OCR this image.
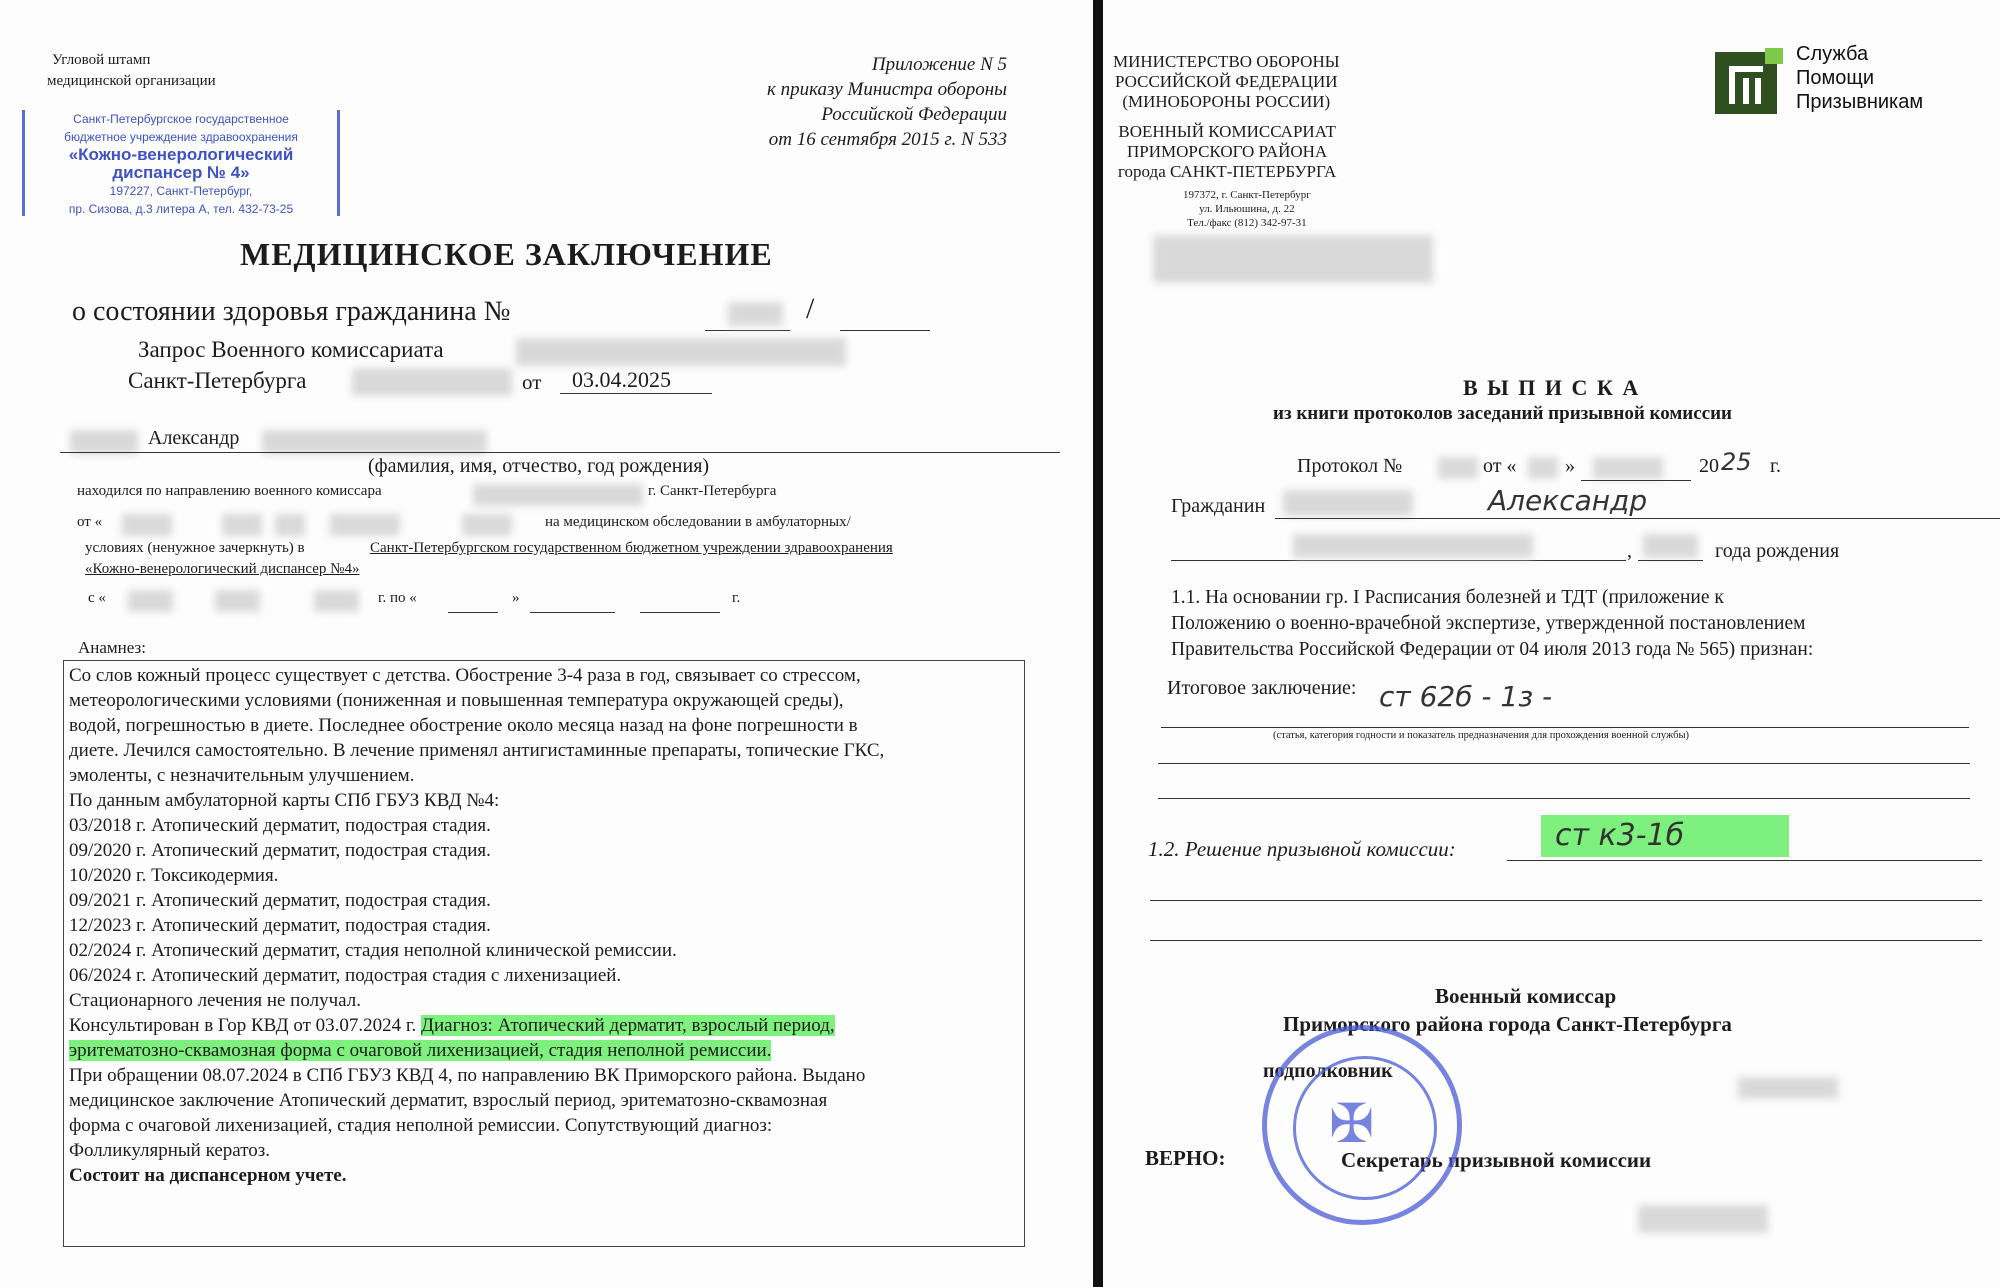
Угловой штамп
медицинской организации
Приложение N 5
к приказу Министра обороны
Российской Федерации
от 16 сентября 2015 г. N 533
Санкт-Петербургское государственное
бюджетное учреждение здравоохранения
«Кожно-венерологический
диспансер № 4»
197227, Санкт-Петербург,
пр. Сизова, д.3 литера А, тел. 432-73-25
МЕДИЦИНСКОЕ ЗАКЛЮЧЕНИЕ
о состоянии здоровья гражданина №	/
Запрос Военного комиссариата
Санкт-Петербурга	от 03.04.2025
Александр
(фамилия, имя, отчество, год рождения)
находился по направлению военного комиссара	г. Санкт-Петербурга
от «	на медицинском обследовании в амбулаторных/
условиях (ненужное зачеркнуть) в	Санкт-Петербургском государственном бюджетном учреждении здравоохранения
«Кожно-венерологический диспансер №4»
с «	г. по «	»	г.
Анамнез:

Со слов кожный процесс существует с детства. Обострение 3-4 раза в год, связывает со стрессом,

метеорологическими условиями (пониженная и повышенная температура окружающей среды),

водой, погрешностью в диете. Последнее обострение около месяца назад на фоне погрешности в

диете. Лечился самостоятельно. В лечение применял антигистаминные препараты, топические ГКС,

эмоленты, с незначительным улучшением.

По данным амбулаторной карты СПб ГБУЗ КВД №4:

03/2018 г. Атопический дерматит, подострая стадия.

09/2020 г. Атопический дерматит, подострая стадия.

10/2020 г. Токсикодермия.

09/2021 г. Атопический дерматит, подострая стадия.

12/2023 г. Атопический дерматит, подострая стадия.

02/2024 г. Атопический дерматит, стадия неполной клинической ремиссии.

06/2024 г. Атопический дерматит, подострая стадия с лихенизацией.

Стационарного лечения не получал.

Консультирован в Гор КВД от 03.07.2024 г. Диагноз: Атопический дерматит, взрослый период,

эритематозно-сквамозная форма с очаговой лихенизацией, стадия неполной ремиссии.

При обращении 08.07.2024 в СПб ГБУЗ КВД 4, по направлению ВК Приморского района. Выдано

медицинское заключение Атопический дерматит, взрослый период, эритематозно-сквамозная

форма с очаговой лихенизацией, стадия неполной ремиссии. Сопутствующий диагноз:

Фолликулярный кератоз.

Состоит на диспансерном учете.

МИНИСТЕРСТВО ОБОРОНЫ
РОССИЙСКОЙ ФЕДЕРАЦИИ
(МИНОБОРОНЫ РОССИИ)
ВОЕННЫЙ КОМИССАРИАТ
ПРИМОРСКОГО РАЙОНА
города САНКТ-ПЕТЕРБУРГА
197372, г. Санкт-Петербург
ул. Ильюшина, д. 22
Тел./факс (812) 342-97-31
Служба
Помощи
Призывникам
В Ы П И С К А
из книги протоколов заседаний призывной комиссии
Протокол №	от « »	20 25 г.
Гражданин	Александр
,	года рождения
1.1. На основании гр. I Расписания болезней и ТДТ (приложение к
Положению о военно-врачебной экспертизе, утвержденной постановлением
Правительства Российской Федерации от 04 июля 2013 года № 565) признан:
Итоговое заключение: ст 62б - 1з -
(статья, категория годности и показатель предназначения для прохождения военной службы)
1.2. Решение призывной комиссии:	ст к3-1б
Военный комиссар
Приморского района города Санкт-Петербурга
подполковник
ВЕРНО:	Секретарь призывной комиссии
✠
